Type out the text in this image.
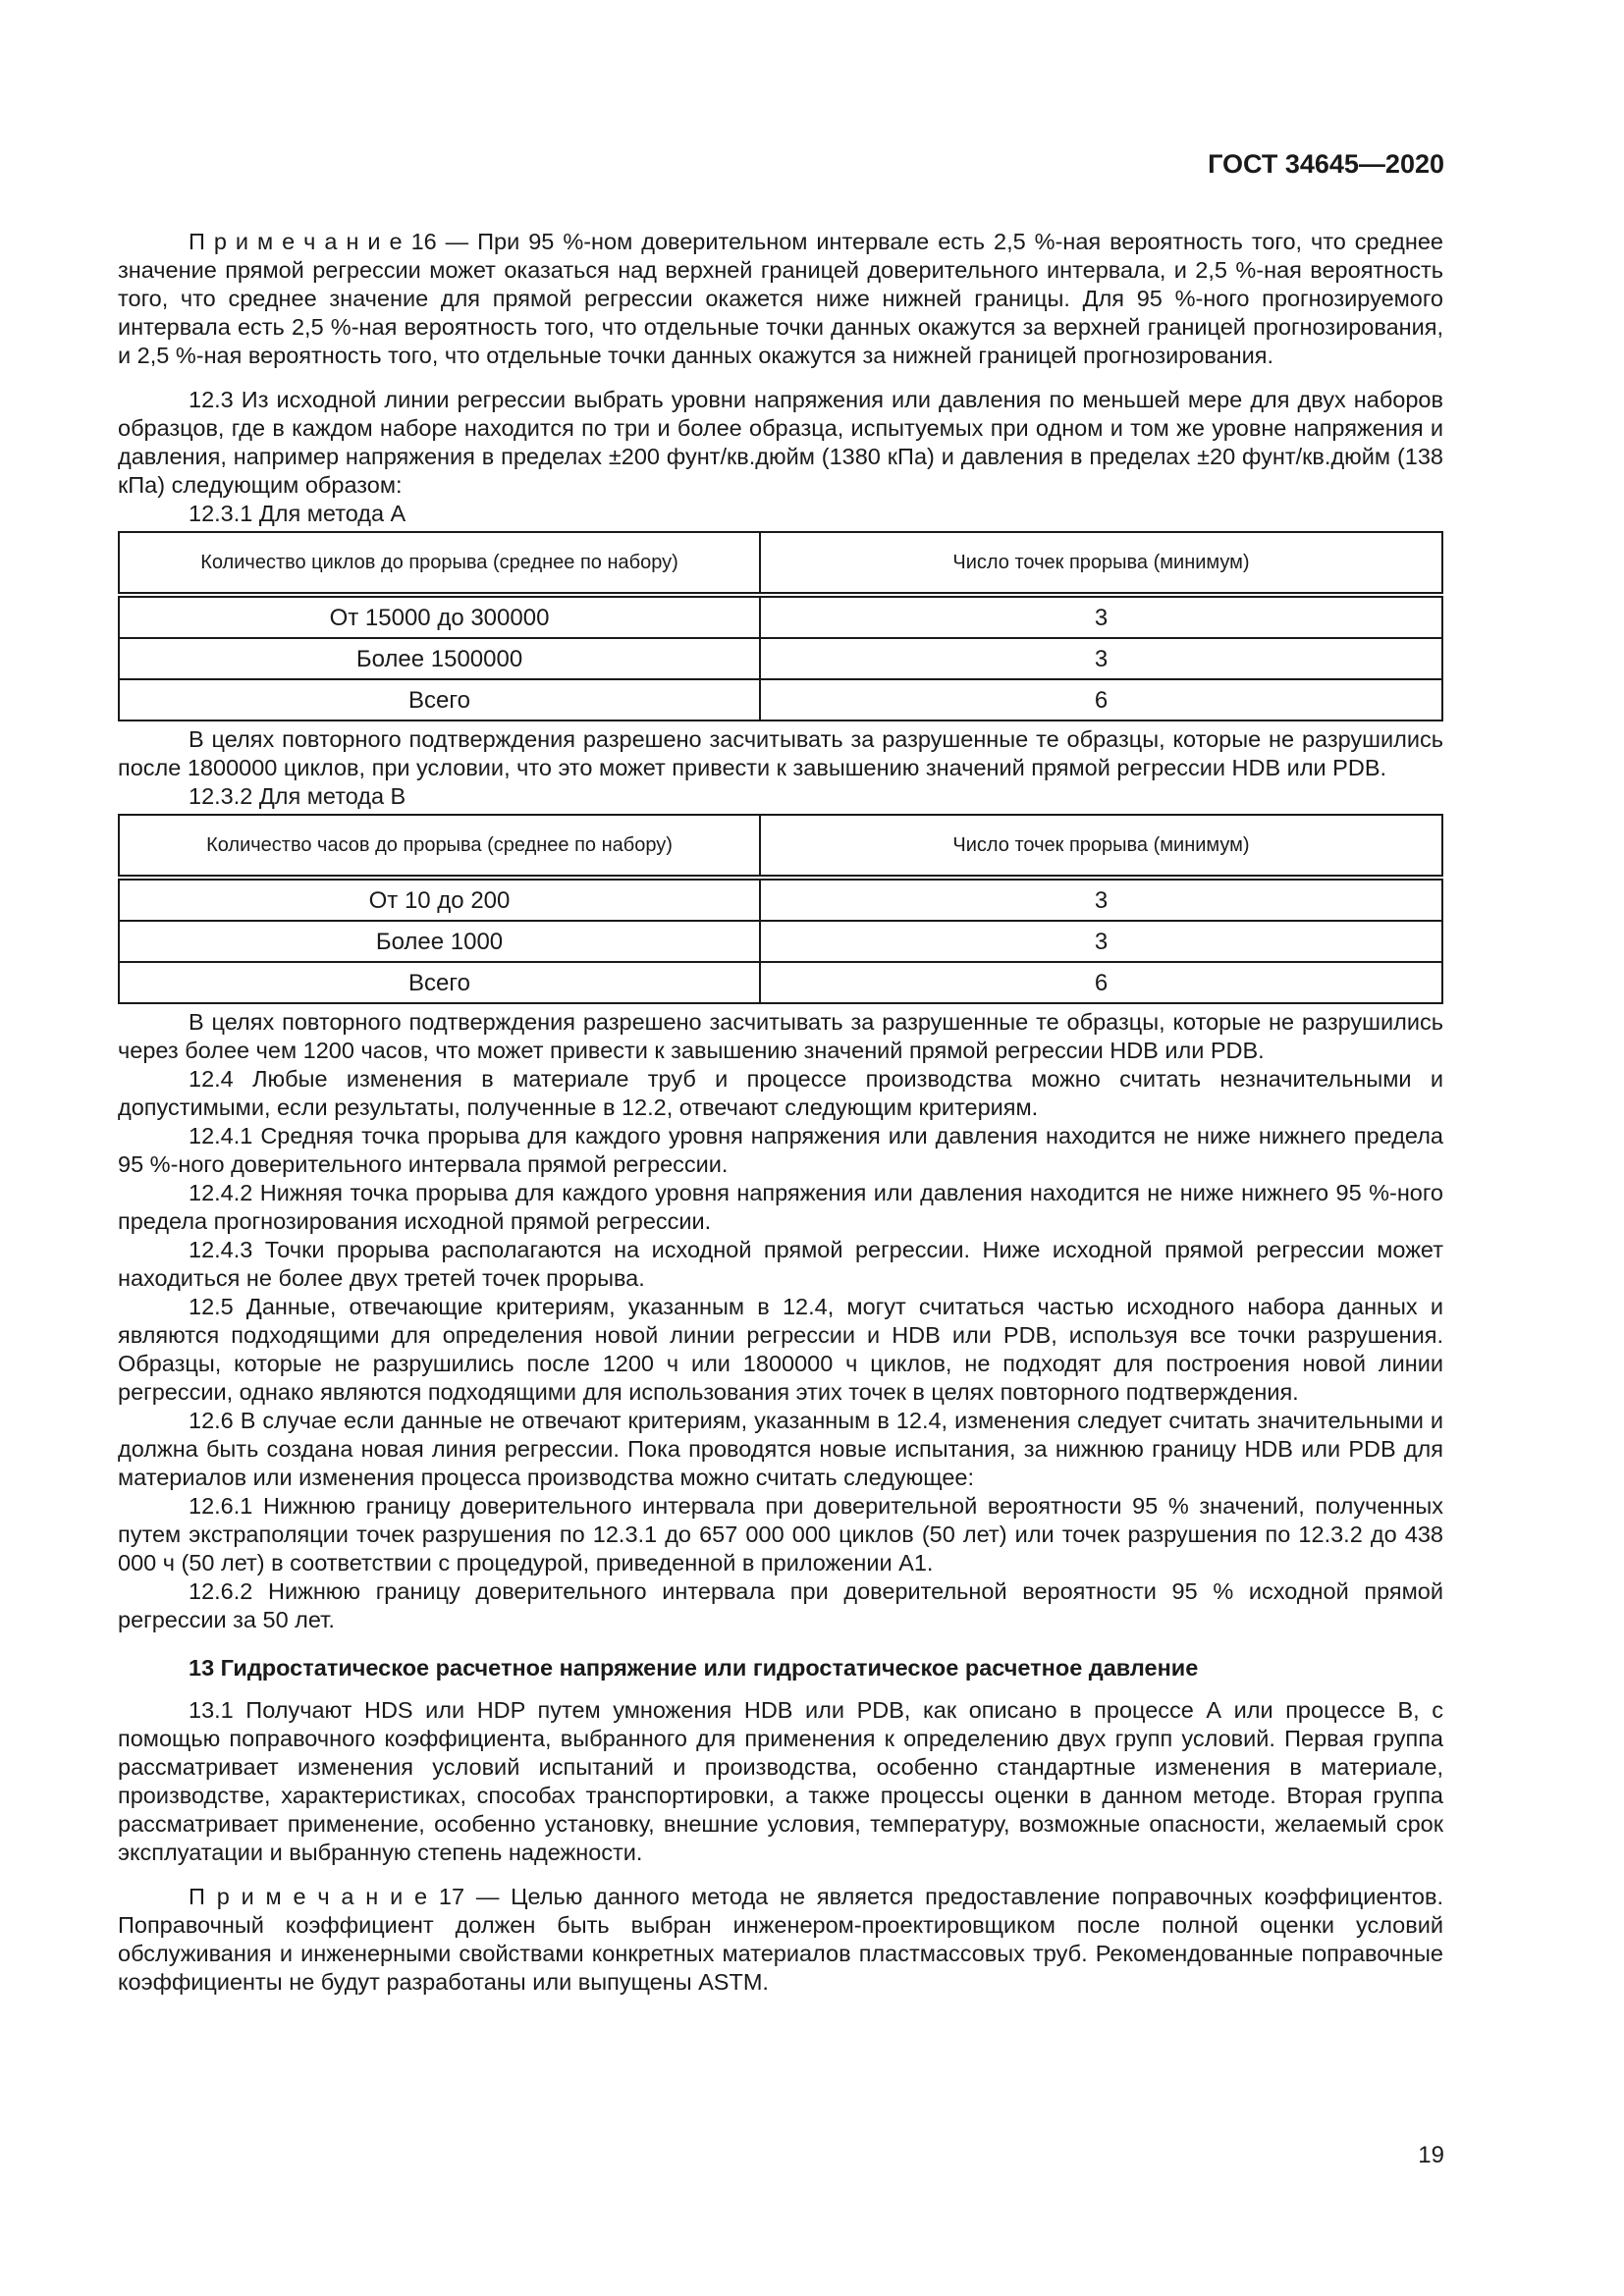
ГОСТ 34645—2020

П р и м е ч а н и е 16 — При 95 %-ном доверительном интервале есть 2,5 %-ная вероятность того, что среднее значение прямой регрессии может оказаться над верхней границей доверительного интервала, и 2,5 %-ная вероятность того, что среднее значение для прямой регрессии окажется ниже нижней границы. Для 95 %-ного прогнозируемого интервала есть 2,5 %-ная вероятность того, что отдельные точки данных окажутся за верхней границей прогнозирования, и 2,5 %-ная вероятность того, что отдельные точки данных окажутся за нижней границей прогнозирования.

12.3 Из исходной линии регрессии выбрать уровни напряжения или давления по меньшей мере для двух наборов образцов, где в каждом наборе находится по три и более образца, испытуемых при одном и том же уровне напряжения и давления, например напряжения в пределах ±200 фунт/кв.дюйм (1380 кПа) и давления в пределах ±20 фунт/кв.дюйм (138 кПа) следующим образом:

12.3.1 Для метода А

Количество циклов до прорыва (среднее по набору)	Число точек прорыва (минимум)
От 15000 до 300000	3
Более 1500000	3
Всего	6

В целях повторного подтверждения разрешено засчитывать за разрушенные те образцы, которые не разрушились после 1800000 циклов, при условии, что это может привести к завышению значений прямой регрессии HDB или PDB.

12.3.2 Для метода В

Количество часов до прорыва (среднее по набору)	Число точек прорыва (минимум)
От 10 до 200	3
Более 1000	3
Всего	6

В целях повторного подтверждения разрешено засчитывать за разрушенные те образцы, которые не разрушились через более чем 1200 часов, что может привести к завышению значений прямой регрессии HDB или PDB.

12.4 Любые изменения в материале труб и процессе производства можно считать незначительными и допустимыми, если результаты, полученные в 12.2, отвечают следующим критериям.

12.4.1 Средняя точка прорыва для каждого уровня напряжения или давления находится не ниже нижнего предела 95 %-ного доверительного интервала прямой регрессии.

12.4.2 Нижняя точка прорыва для каждого уровня напряжения или давления находится не ниже нижнего 95 %-ного предела прогнозирования исходной прямой регрессии.

12.4.3 Точки прорыва располагаются на исходной прямой регрессии. Ниже исходной прямой регрессии может находиться не более двух третей точек прорыва.

12.5 Данные, отвечающие критериям, указанным в 12.4, могут считаться частью исходного набора данных и являются подходящими для определения новой линии регрессии и HDB или PDB, используя все точки разрушения. Образцы, которые не разрушились после 1200 ч или 1800000 ч циклов, не подходят для построения новой линии регрессии, однако являются подходящими для использования этих точек в целях повторного подтверждения.

12.6 В случае если данные не отвечают критериям, указанным в 12.4, изменения следует считать значительными и должна быть создана новая линия регрессии. Пока проводятся новые испытания, за нижнюю границу HDB или PDB для материалов или изменения процесса производства можно считать следующее:

12.6.1 Нижнюю границу доверительного интервала при доверительной вероятности 95 % значений, полученных путем экстраполяции точек разрушения по 12.3.1 до 657 000 000 циклов (50 лет) или точек разрушения по 12.3.2 до 438 000 ч (50 лет) в соответствии с процедурой, приведенной в приложении А1.

12.6.2 Нижнюю границу доверительного интервала при доверительной вероятности 95 % исходной прямой регрессии за 50 лет.

13 Гидростатическое расчетное напряжение или гидростатическое расчетное давление

13.1 Получают HDS или HDP путем умножения HDB или PDB, как описано в процессе А или процессе В, с помощью поправочного коэффициента, выбранного для применения к определению двух групп условий. Первая группа рассматривает изменения условий испытаний и производства, особенно стандартные изменения в материале, производстве, характеристиках, способах транспортировки, а также процессы оценки в данном методе. Вторая группа рассматривает применение, особенно установку, внешние условия, температуру, возможные опасности, желаемый срок эксплуатации и выбранную степень надежности.

П р и м е ч а н и е 17 — Целью данного метода не является предоставление поправочных коэффициентов. Поправочный коэффициент должен быть выбран инженером-проектировщиком после полной оценки условий обслуживания и инженерными свойствами конкретных материалов пластмассовых труб. Рекомендованные поправочные коэффициенты не будут разработаны или выпущены ASTM.

19
